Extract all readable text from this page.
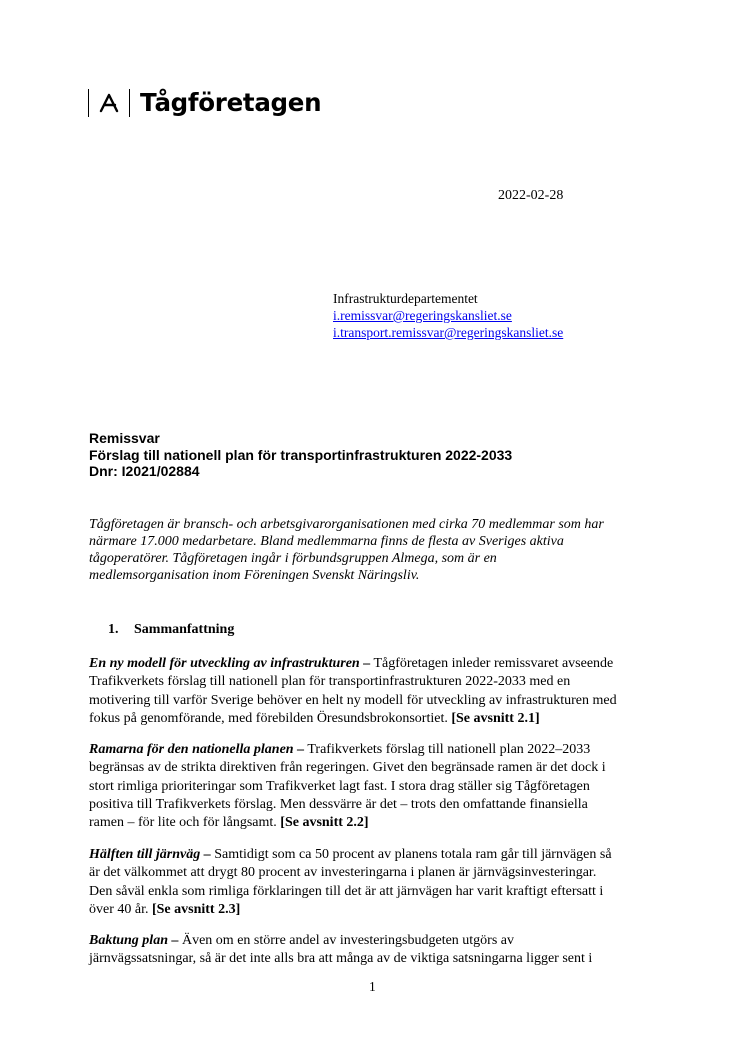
Tågföretagen
2022-02-28
Infrastrukturdepartementet
i.remissvar@regeringskansliet.se
i.transport.remissvar@regeringskansliet.se
Remissvar
Förslag till nationell plan för transportinfrastrukturen 2022-2033
Dnr: I2021/02884
Tågföretagen är bransch- och arbetsgivarorganisationen med cirka 70 medlemmar som har
närmare 17.000 medarbetare. Bland medlemmarna finns de flesta av Sveriges aktiva
tågoperatörer. Tågföretagen ingår i förbundsgruppen Almega, som är en
medlemsorganisation inom Föreningen Svenskt Näringsliv.
1. Sammanfattning
En ny modell för utveckling av infrastrukturen – Tågföretagen inleder remissvaret avseende
Trafikverkets förslag till nationell plan för transportinfrastrukturen 2022-2033 med en
motivering till varför Sverige behöver en helt ny modell för utveckling av infrastrukturen med
fokus på genomförande, med förebilden Öresundsbrokonsortiet. [Se avsnitt 2.1]
Ramarna för den nationella planen – Trafikverkets förslag till nationell plan 2022–2033
begränsas av de strikta direktiven från regeringen. Givet den begränsade ramen är det dock i
stort rimliga prioriteringar som Trafikverket lagt fast. I stora drag ställer sig Tågföretagen
positiva till Trafikverkets förslag. Men dessvärre är det – trots den omfattande finansiella
ramen – för lite och för långsamt. [Se avsnitt 2.2]
Hälften till järnväg – Samtidigt som ca 50 procent av planens totala ram går till järnvägen så
är det välkommet att drygt 80 procent av investeringarna i planen är järnvägsinvesteringar.
Den såväl enkla som rimliga förklaringen till det är att järnvägen har varit kraftigt eftersatt i
över 40 år. [Se avsnitt 2.3]
Baktung plan – Även om en större andel av investeringsbudgeten utgörs av
järnvägssatsningar, så är det inte alls bra att många av de viktiga satsningarna ligger sent i
1
